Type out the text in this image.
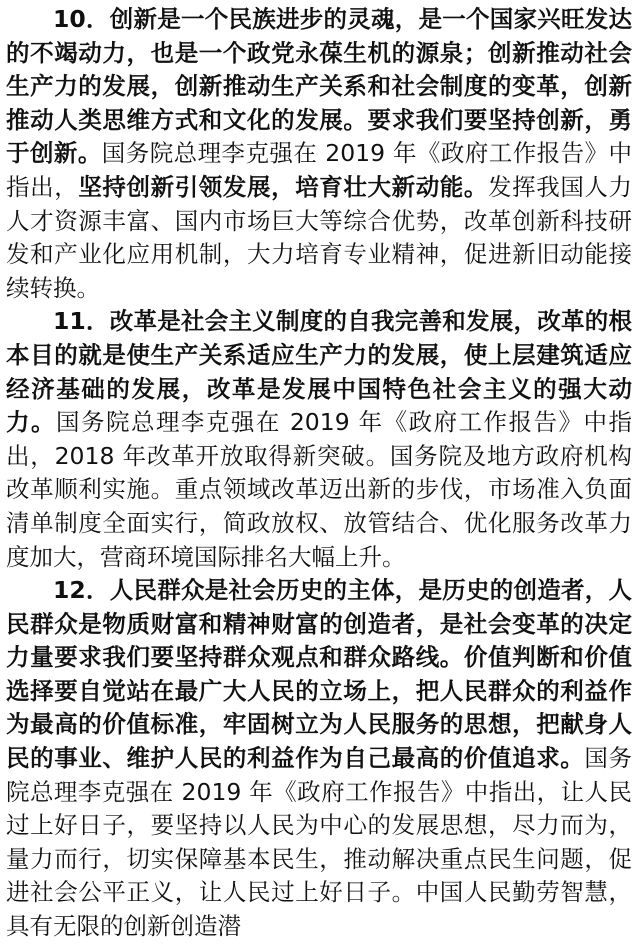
10．创新是一个民族进步的灵魂，是一个国家兴旺发达的不竭动力，也是一个政党永葆生机的源泉；创新推动社会生产力的发展，创新推动生产关系和社会制度的变革，创新推动人类思维方式和文化的发展。要求我们要坚持创新，勇于创新。国务院总理李克强在 2019 年《政府工作报告》中指出，坚持创新引领发展，培育壮大新动能。发挥我国人力人才资源丰富、国内市场巨大等综合优势，改革创新科技研发和产业化应用机制，大力培育专业精神，促进新旧动能接续转换。

11．改革是社会主义制度的自我完善和发展，改革的根本目的就是使生产关系适应生产力的发展，使上层建筑适应经济基础的发展，改革是发展中国特色社会主义的强大动力。国务院总理李克强在 2019 年《政府工作报告》中指出，2018 年改革开放取得新突破。国务院及地方政府机构改革顺利实施。重点领域改革迈出新的步伐，市场准入负面清单制度全面实行，简政放权、放管结合、优化服务改革力度加大，营商环境国际排名大幅上升。

12．人民群众是社会历史的主体，是历史的创造者，人民群众是物质财富和精神财富的创造者，是社会变革的决定力量要求我们要坚持群众观点和群众路线。价值判断和价值选择要自觉站在最广大人民的立场上，把人民群众的利益作为最高的价值标准，牢固树立为人民服务的思想，把献身人民的事业、维护人民的利益作为自己最高的价值追求。国务院总理李克强在 2019 年《政府工作报告》中指出，让人民过上好日子，要坚持以人民为中心的发展思想，尽力而为，量力而行，切实保障基本民生，推动解决重点民生问题，促进社会公平正义，让人民过上好日子。中国人民勤劳智慧，具有无限的创新创造潜
